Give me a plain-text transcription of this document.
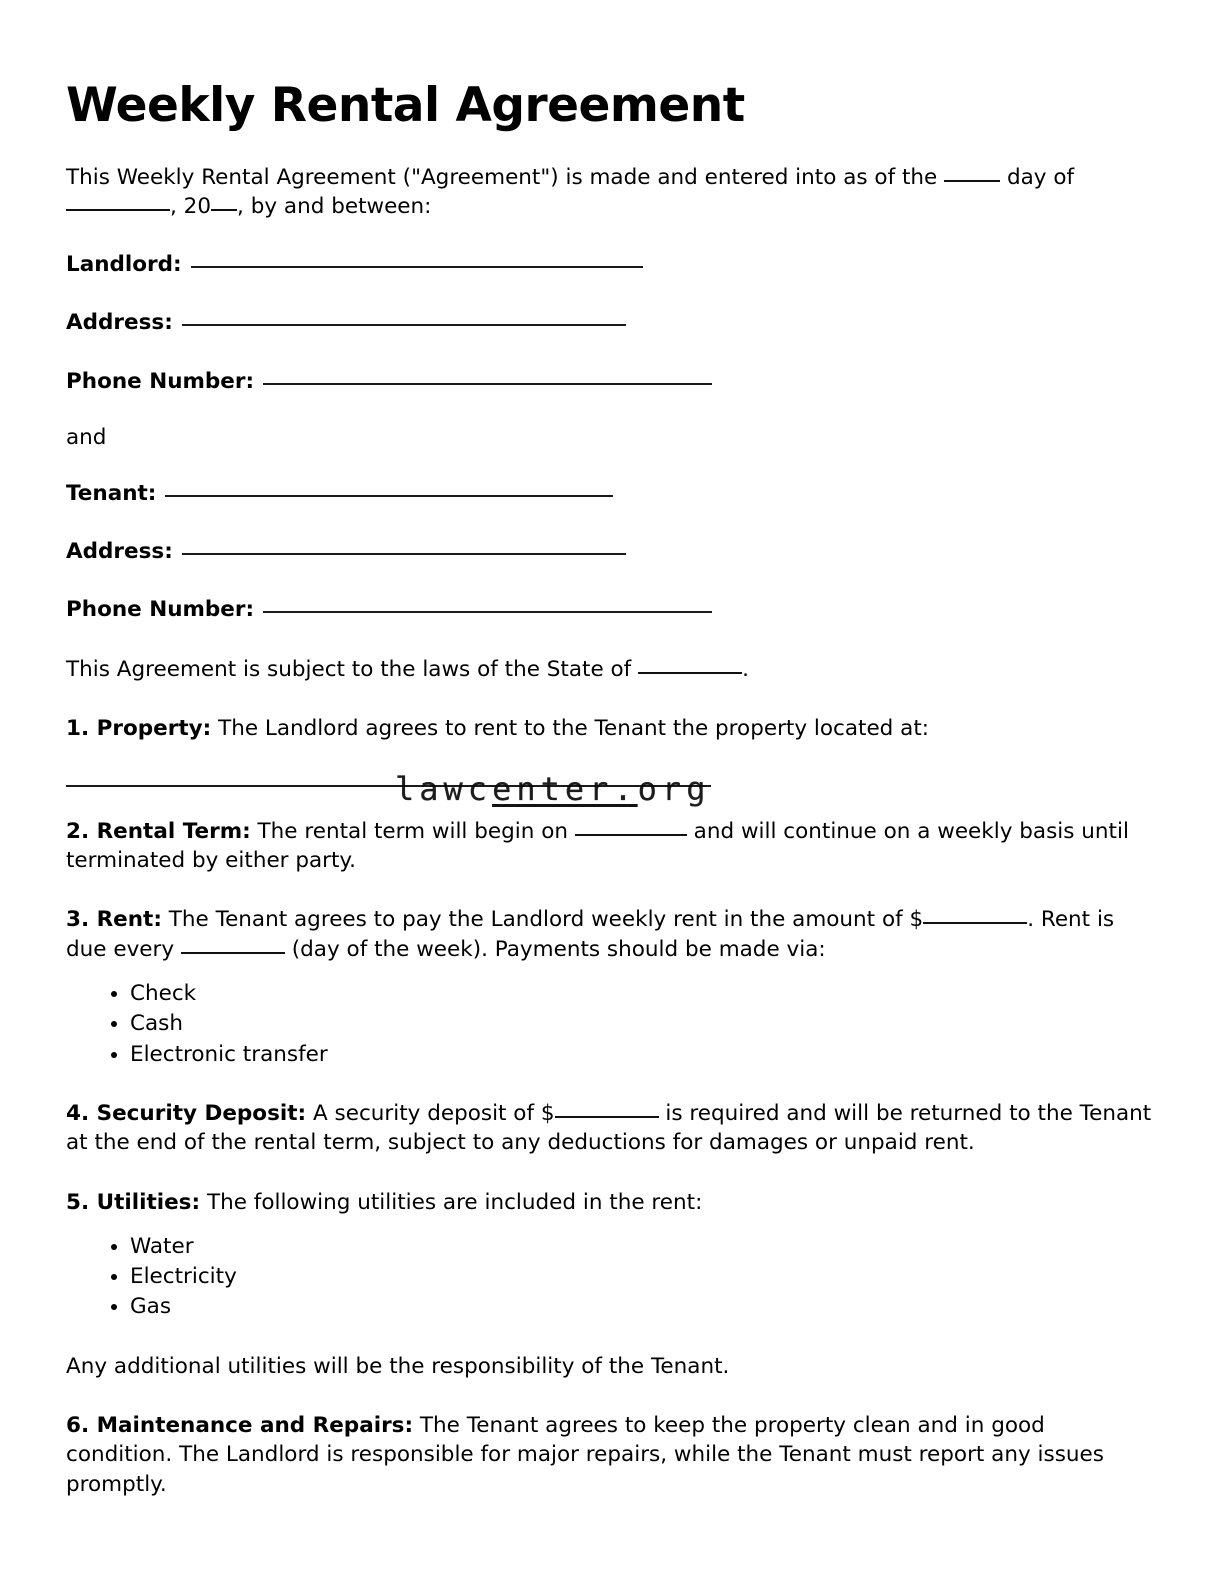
Weekly Rental Agreement

This Weekly Rental Agreement ("Agreement") is made and entered into as of the	day of , 20 , by and between:

Landlord:
Address:
Phone Number:
and
Tenant:
Address:
Phone Number:

This Agreement is subject to the laws of the State of	.

1. Property: The Landlord agrees to rent to the Tenant the property located at:

2. Rental Term: The rental term will begin on	and will continue on a weekly basis until terminated by either party.

3. Rent: The Tenant agrees to pay the Landlord weekly rent in the amount of $	. Rent is due every	(day of the week). Payments should be made via:

• Check
• Cash
• Electronic transfer

4. Security Deposit: A security deposit of $	is required and will be returned to the Tenant at the end of the rental term, subject to any deductions for damages or unpaid rent.

5. Utilities: The following utilities are included in the rent:

• Water
• Electricity
• Gas

Any additional utilities will be the responsibility of the Tenant.

6. Maintenance and Repairs: The Tenant agrees to keep the property clean and in good condition. The Landlord is responsible for major repairs, while the Tenant must report any issues promptly.

lawcenter.org
